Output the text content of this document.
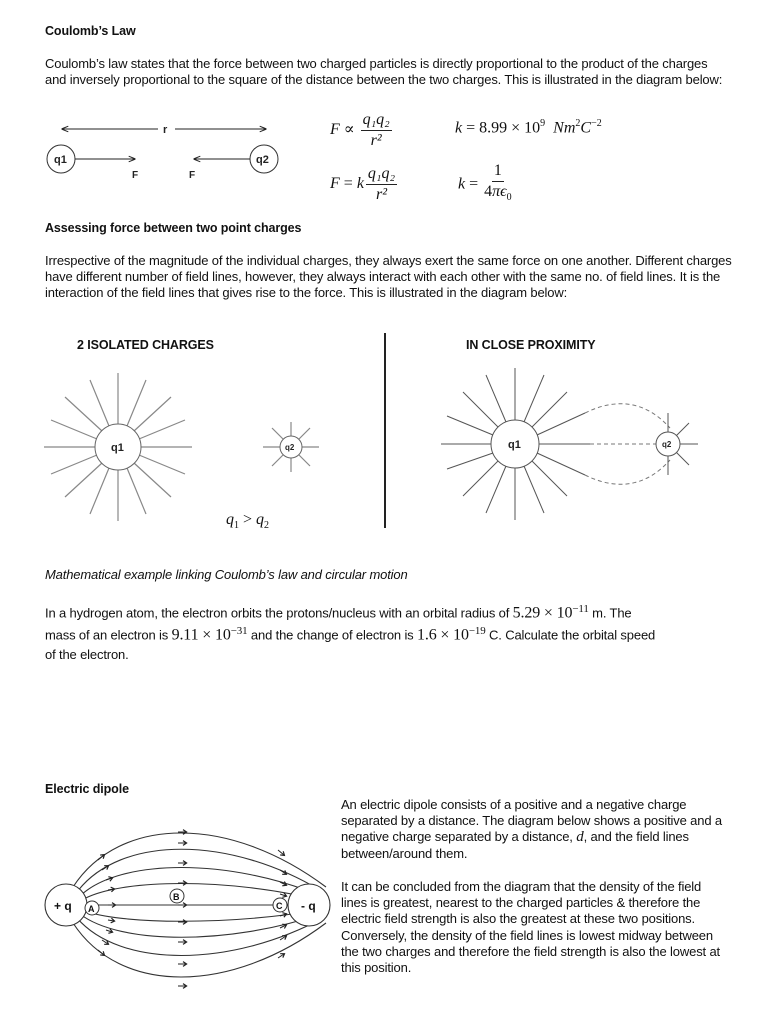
Coulomb’s Law
Coulomb’s law states that the force between two charged particles is directly proportional to the product of the charges and inversely proportional to the square of the distance between the two charges. This is illustrated in the diagram below:
r
q1
F
q2
F
$F \propto \frac{\text{q₁q₂}}{\text{r²}}$
F = k $\frac{\text{q₁q₂}}{\text{r²}}$
$k = 8.99 \times 10^9$ $Nm^2C^{-2}$
$k = \frac{1}{4\pi\epsilon_0}$
Assessing force between two point charges
Irrespective of the magnitude of the individual charges, they always exert the same force on one another. Different charges have different number of field lines, however, they always interact with each other with the same no. of field lines. It is the interaction of the field lines that gives rise to the force. This is illustrated in the diagram below:
2 ISOLATED CHARGES	IN CLOSE PROXIMITY
q1	q2
$q_1 > q_2$
q1	q2
Mathematical example linking Coulomb’s law and circular motion
In a hydrogen atom, the electron orbits the protons/nucleus with an orbital radius of $5.29 \times 10^{-11}$ m. The
mass of an electron is $9.11 \times 10^{-31}$ and the change of electron is $1.6 \times 10^{-19}$ C. Calculate the orbital speed
of the electron.
Electric dipole
+ q	- q
A
B
C
An electric dipole consists of a positive and a negative charge separated by a distance. The diagram below shows a positive and a negative charge separated by a distance, d, and the field lines between/around them.
It can be concluded from the diagram that the density of the field lines is greatest, nearest to the charged particles & therefore the electric field strength is also the greatest at these two positions. Conversely, the density of the field lines is lowest midway between the two charges and therefore the field strength is also the lowest at this position.
